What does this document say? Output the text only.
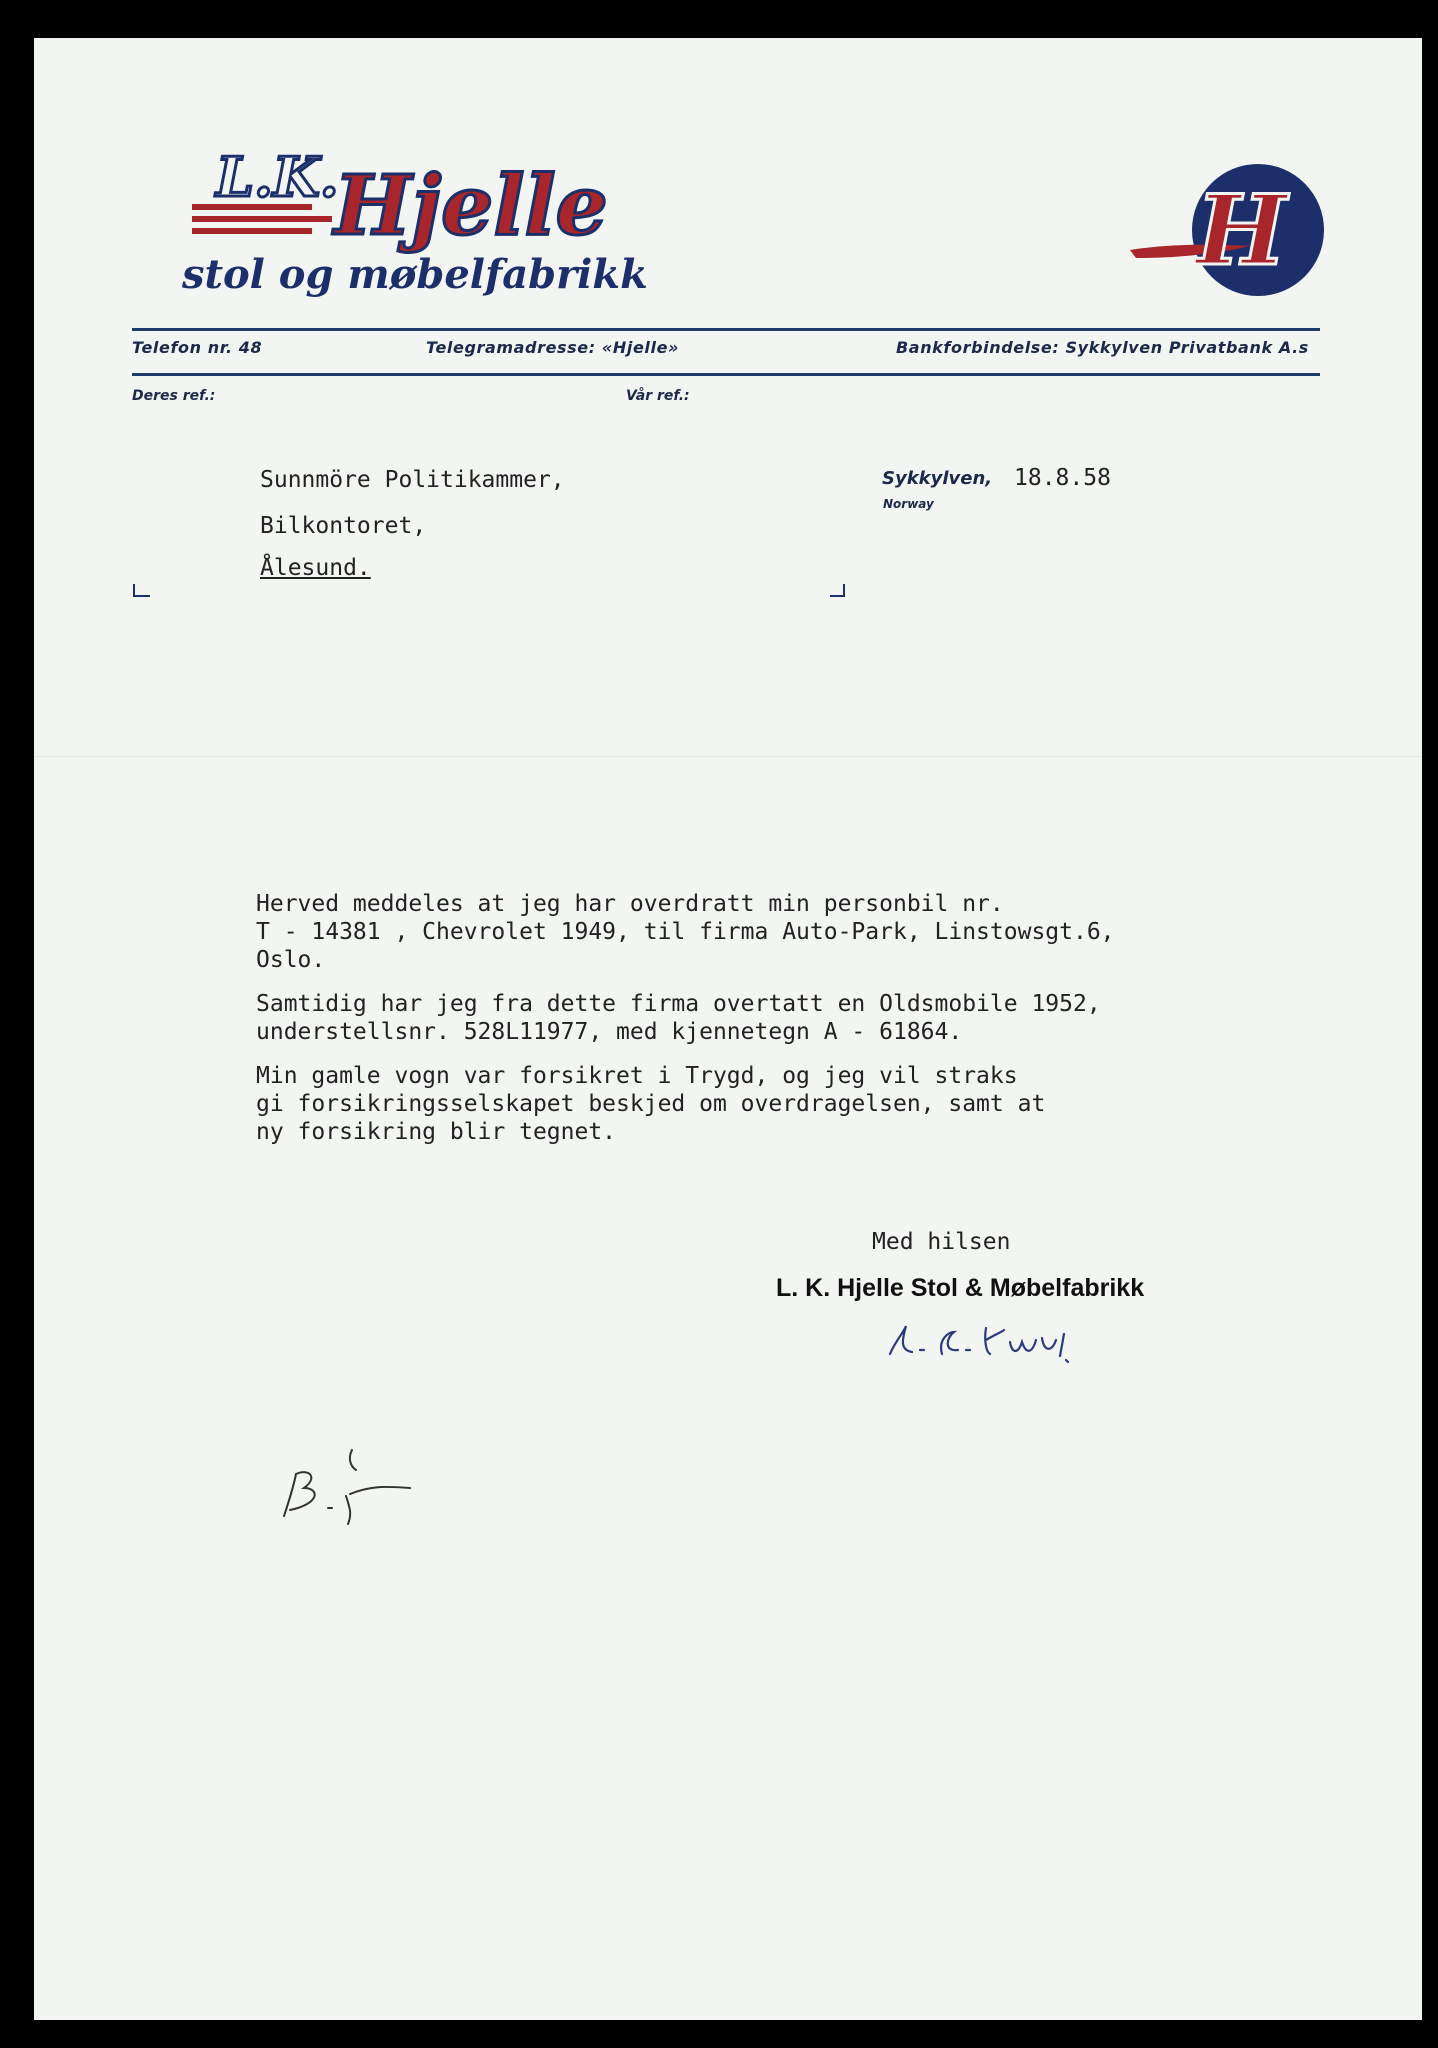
L.K.
Hjelle
stol og møbelfabrikk	H
Telefon nr. 48	Telegramadresse: «Hjelle»	Bankforbindelse: Sykkylven Privatbank A.s
Deres ref.:	Vår ref.:
Sunnmöre Politikammer,
Bilkontoret,
Ålesund.
Sykkylven,
Norway
18.8.58

Herved meddeles at jeg har overdratt min personbil nr.

T - 14381 , Chevrolet 1949, til firma Auto-Park, Linstowsgt.6,

Oslo.

Samtidig har jeg fra dette firma overtatt en Oldsmobile 1952,

understellsnr. 528L11977, med kjennetegn A - 61864.

Min gamle vogn var forsikret i Trygd, og jeg vil straks

gi forsikringsselskapet beskjed om overdragelsen, samt at

ny forsikring blir tegnet.

Med hilsen
L. K. Hjelle Stol & Møbelfabrikk
